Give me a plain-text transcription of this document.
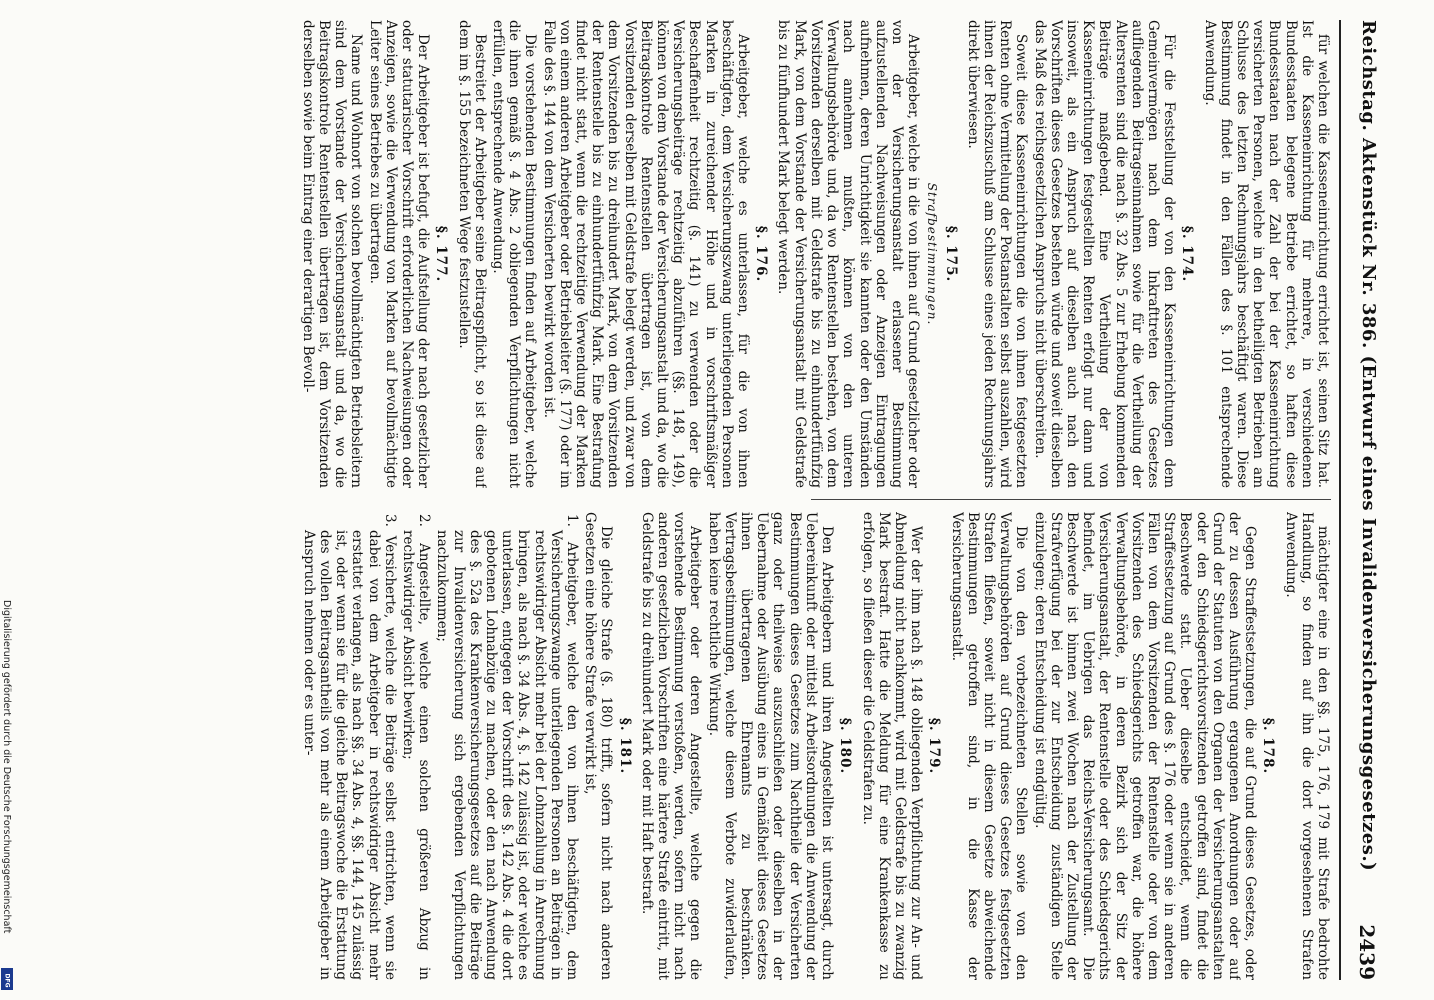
Reichstag. Aktenstück Nr. 386. (Entwurf eines Invalidenversicherungsgesetzes.)
2439

für welchen die Kasseneinrichtung errichtet ist, seinen Sitz hat. Ist die Kasseneinrichtung für mehrere, in verschiedenen Bundesstaaten belegene Betriebe errichtet, so haften diese Bundesstaaten nach der Zahl der bei der Kasseneinrichtung versicherten Personen, welche in den betheiligten Betrieben am Schlusse des letzten Rechnungsjahrs beschäftigt waren. Diese Bestimmung findet in den Fällen des §. 101 entsprechende Anwendung.

§. 174.

Für die Feststellung der von den Kasseneinrichtungen dem Gemeinvermögen nach dem Inkrafttreten des Gesetzes aufliegenden Beitragseinnahmen sowie für die Vertheilung der Altersrenten sind die nach §. 32 Abs. 5 zur Erhebung kommenden Beiträge maßgebend. Eine Vertheilung der von Kasseneinrichtungen festgestellten Renten erfolgt nur dann und insoweit, als ein Anspruch auf dieselben auch nach den Vorschriften dieses Gesetzes bestehen würde und soweit dieselben das Maß des reichsgesetzlichen Anspruchs nicht überschreiten.

Soweit diese Kasseneinrichtungen die von ihnen festgesetzten Renten ohne Vermittelung der Postanstalten selbst auszahlen, wird ihnen der Reichszuschuß am Schlusse eines jeden Rechnungsjahrs direkt überwiesen.

§. 175.

Strafbestimmungen.

Arbeitgeber, welche in die von ihnen auf Grund gesetzlicher oder von der Versicherungsanstalt erlassener Bestimmung aufzustellenden Nachweisungen oder Anzeigen Eintragungen aufnehmen, deren Unrichtigkeit sie kannten oder den Umständen nach annehmen mußten, können von den unteren Verwaltungsbehörde und, da wo Rentenstellen bestehen, von dem Vorsitzenden derselben mit Geldstrafe bis zu einhundertfünfzig Mark, von dem Vorstande der Versicherungsanstalt mit Geldstrafe bis zu fünfhundert Mark belegt werden.

§. 176.

Arbeitgeber, welche es unterlassen, für die von ihnen beschäftigten, dem Versicherungszwang unterliegenden Personen Marken in zureichender Höhe und in vorschriftsmäßiger Beschaffenheit rechtzeitig (§. 141) zu verwenden oder die Versicherungsbeiträge rechtzeitig abzuführen (§§. 148, 149), können von dem Vorstande der Versicherungsanstalt und da, wo die Beitragskontrole Rentenstellen übertragen ist, von dem Vorsitzenden derselben mit Geldstrafe belegt werden, und zwar von dem Vorsitzenden bis zu dreihundert Mark, von dem Vorsitzenden der Rentenstelle bis zu einhundertfünfzig Mark. Eine Bestrafung findet nicht statt, wenn die rechtzeitige Verwendung der Marken von einem anderen Arbeitgeber oder Betriebsleiter (§. 177) oder im Falle des §. 144 von dem Versicherten bewirkt worden ist.

Die vorstehenden Bestimmungen finden auf Arbeitgeber, welche die ihnen gemäß §. 4 Abs. 2 obliegenden Verpflichtungen nicht erfüllen, entsprechende Anwendung.

Bestreitet der Arbeitgeber seine Beitragspflicht, so ist diese auf dem im §. 155 bezeichneten Wege festzustellen.

§. 177.

Der Arbeitgeber ist befugt, die Aufstellung der nach gesetzlicher oder statutarischer Vorschrift erforderlichen Nachweisungen oder Anzeigen, sowie die Verwendung von Marken auf bevollmächtigte Leiter seines Betriebes zu übertragen.

Name und Wohnort von solchen bevollmächtigten Betriebsleitern sind dem Vorstande der Versicherungsanstalt und da, wo die Beitragskontrole Rentenstellen übertragen ist, dem Vorsitzenden derselben sowie beim Eintrag einer derartigen Bevoll-

mächtigter eine in den §§. 175, 176, 179 mit Strafe bedrohte Handlung, so finden auf ihn die dort vorgesehenen Strafen Anwendung.

§. 178.

Gegen Straffestsetzungen, die auf Grund dieses Gesetzes, oder der zu dessen Ausführung ergangenen Anordnungen oder auf Grund der Statuten von den Organen der Versicherungsanstalten oder den Schiedsgerichtsvorsitzenden getroffen sind, findet die Beschwerde statt. Ueber dieselbe entscheidet, wenn die Straffestsetzung auf Grund des §. 176 oder wenn sie in anderen Fällen von dem Vorsitzenden der Rentenstelle oder von dem Vorsitzenden des Schiedsgerichts getroffen war, die höhere Verwaltungsbehörde, in deren Bezirk sich der Sitz der Versicherungsanstalt, der Rentenstelle oder des Schiedsgerichts befindet, im Uebrigen das Reichs-Versicherungsamt. Die Beschwerde ist binnen zwei Wochen nach der Zustellung der Strafverfügung bei der zur Entscheidung zuständigen Stelle einzulegen; deren Entscheidung ist endgültig.

Die von den vorbezeichneten Stellen sowie von den Verwaltungsbehörden auf Grund dieses Gesetzes festgesetzten Strafen fließen, soweit nicht in diesem Gesetze abweichende Bestimmungen getroffen sind, in die Kasse der Versicherungsanstalt.

§. 179.

Wer der ihm nach §. 148 obliegenden Verpflichtung zur An- und Abmeldung nicht nachkommt, wird mit Geldstrafe bis zu zwanzig Mark bestraft. Hatte die Meldung für eine Krankenkasse zu erfolgen, so fließen dieser die Geldstrafen zu.

§. 180.

Den Arbeitgebern und ihren Angestellten ist untersagt, durch Uebereinkunft oder mittelst Arbeitsordnungen die Anwendung der Bestimmungen dieses Gesetzes zum Nachtheile der Versicherten ganz oder theilweise auszuschließen oder dieselben in der Uebernahme oder Ausübung eines in Gemäßheit dieses Gesetzes ihnen übertragenen Ehrenamts zu beschränken. Vertragsbestimmungen, welche diesem Verbote zuwiderlaufen, haben keine rechtliche Wirkung.

Arbeitgeber oder deren Angestellte, welche gegen die vorstehende Bestimmung verstoßen, werden, sofern nicht nach anderen gesetzlichen Vorschriften eine härtere Strafe eintritt, mit Geldstrafe bis zu dreihundert Mark oder mit Haft bestraft.

§. 181.

Die gleiche Strafe (§. 180) trifft, sofern nicht nach anderen Gesetzen eine höhere Strafe verwirkt ist,

1. Arbeitgeber, welche den von ihnen beschäftigten, dem Versicherungszwange unterliegenden Personen an Beiträgen in rechtswidriger Absicht mehr bei der Lohnzahlung in Anrechnung bringen, als nach §. 34 Abs. 4, §. 142 zulässig ist, oder welche es unterlassen, entgegen der Vorschrift des §. 142 Abs. 4 die dort gebotenen Lohnabzüge zu machen, oder den nach Anwendung des §. 52a des Krankenversicherungsgesetzes auf die Beiträge zur Invalidenversicherung sich ergebenden Verpflichtungen nachzukommen;

2. Angestellte, welche einen solchen größeren Abzug in rechtswidriger Absicht bewirken;

3. Versicherte, welche die Beiträge selbst entrichten, wenn sie dabei von dem Arbeitgeber in rechtswidriger Absicht mehr erstattet verlangen, als nach §§. 34 Abs. 4, §§. 144, 145 zulässig ist, oder wenn sie für die gleiche Beitragswoche die Erstattung des vollen Beitragsantheils von mehr als einem Arbeitgeber in Anspruch nehmen oder es unter-

Digitalisierung gefördert durch die Deutsche Forschungsgemeinschaft
DFG
